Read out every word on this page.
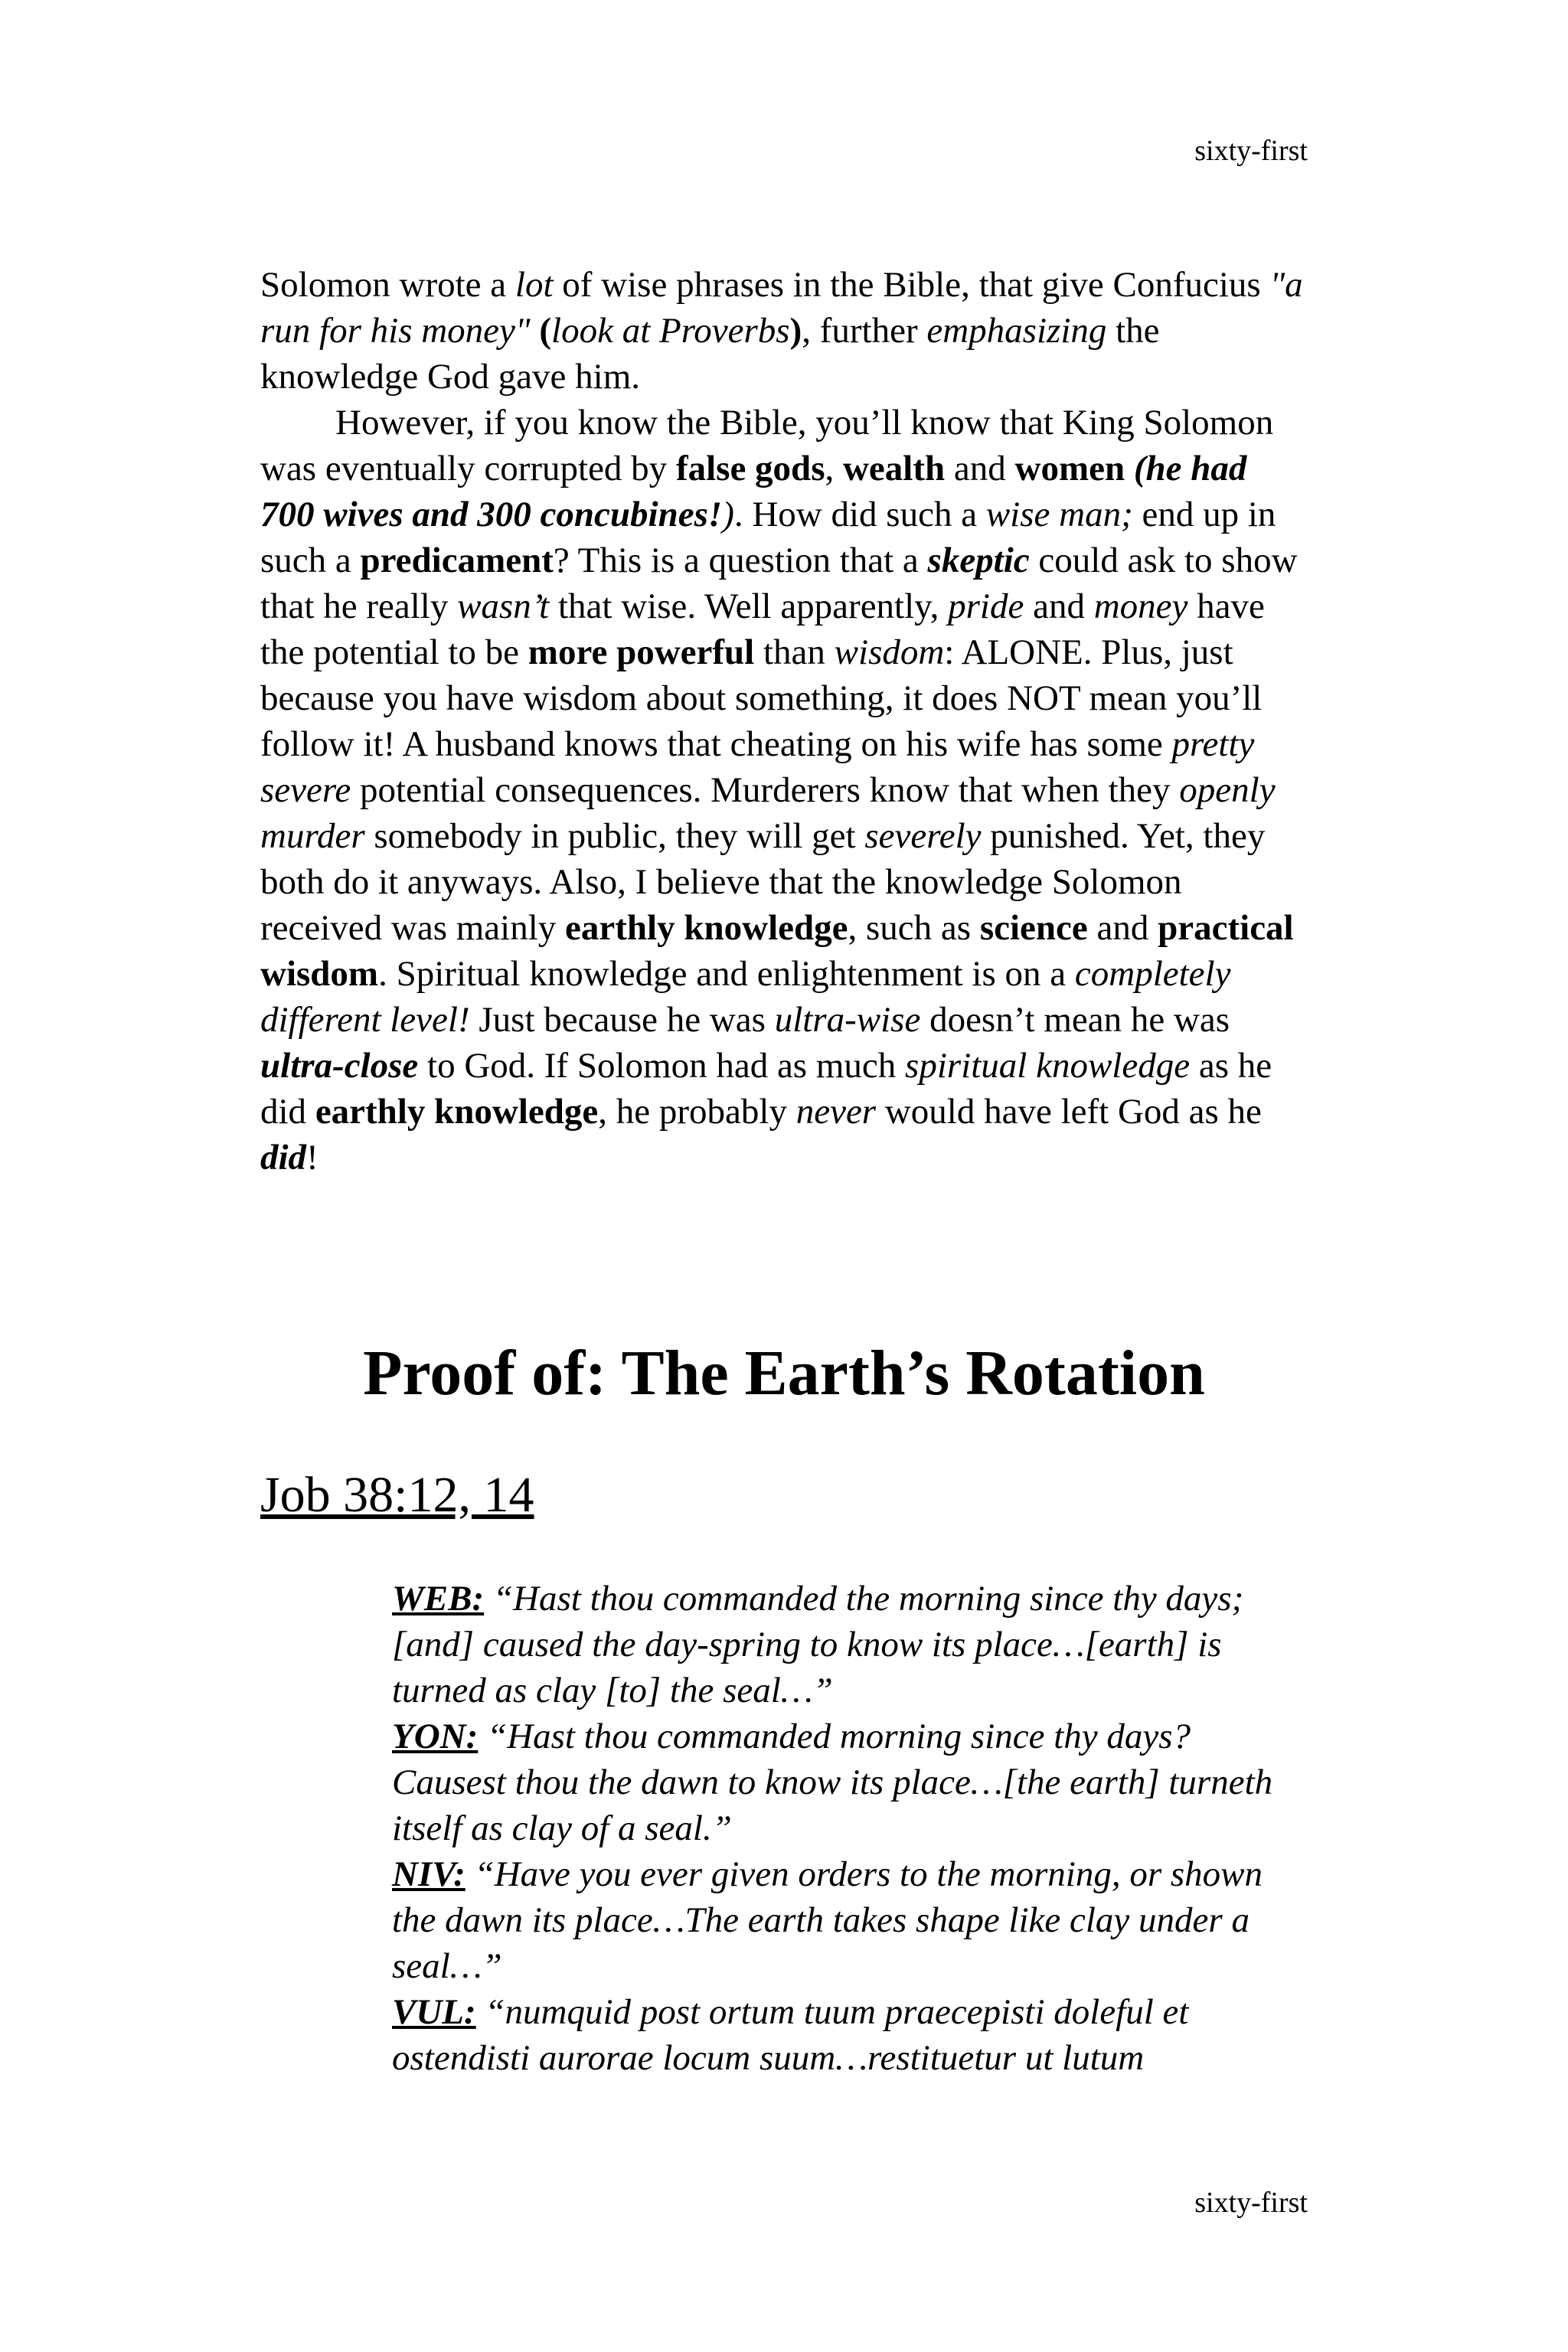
sixty-first

Solomon wrote a lot of wise phrases in the Bible, that give Confucius "a run for his money" (look at Proverbs), further emphasizing the knowledge God gave him.

However, if you know the Bible, you’ll know that King Solomon was eventually corrupted by false gods, wealth and women (he had 700 wives and 300 concubines!). How did such a wise man; end up in such a predicament? This is a question that a skeptic could ask to show that he really wasn’t that wise. Well apparently, pride and money have the potential to be more powerful than wisdom: ALONE. Plus, just because you have wisdom about something, it does NOT mean you’ll follow it! A husband knows that cheating on his wife has some pretty severe potential consequences. Murderers know that when they openly murder somebody in public, they will get severely punished. Yet, they both do it anyways. Also, I believe that the knowledge Solomon received was mainly earthly knowledge, such as science and practical wisdom. Spiritual knowledge and enlightenment is on a completely different level! Just because he was ultra-wise doesn’t mean he was ultra-close to God. If Solomon had as much spiritual knowledge as he did earthly knowledge, he probably never would have left God as he did!

Proof of: The Earth’s Rotation
Job 38:12, 14

WEB: “Hast thou commanded the morning since thy days; [and] caused the day-spring to know its place…[earth] is turned as clay [to] the seal…”

YON: “Hast thou commanded morning since thy days? Causest thou the dawn to know its place…[the earth] turneth itself as clay of a seal.”

NIV: “Have you ever given orders to the morning, or shown the dawn its place…The earth takes shape like clay under a seal…”

VUL: “numquid post ortum tuum praecepisti doleful et ostendisti aurorae locum suum…restituetur ut lutum

sixty-first
